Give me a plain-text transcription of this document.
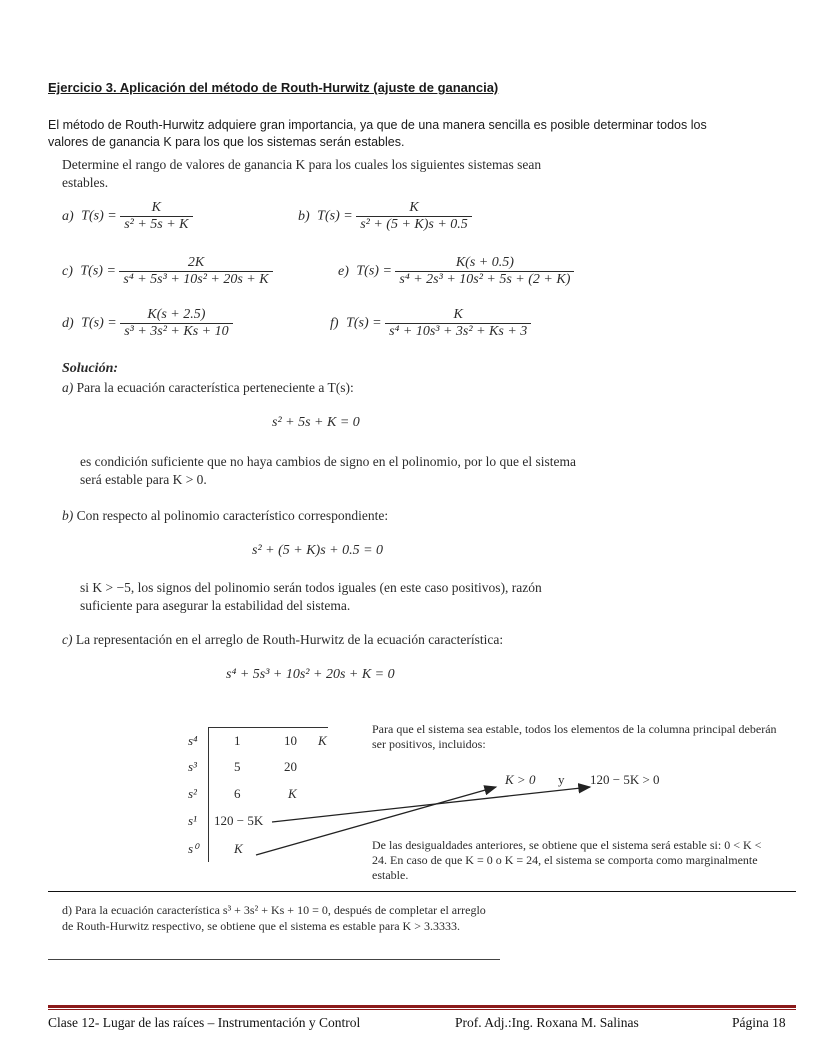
Ejercicio 3. Aplicación del método de Routh-Hurwitz (ajuste de ganancia)
El método de Routh-Hurwitz adquiere gran importancia, ya que de una manera sencilla es posible determinar todos los valores de ganancia K para los que los sistemas serán estables.
Determine el rango de valores de ganancia K para los cuales los siguientes sistemas sean estables.
a) $T(s) = \frac{K}{\text{s² + 5s + K}}$	b) $T(s) = \frac{K}{\text{s² + (5 + K)s + 0.5}}$
c) $T(s) = \frac{2K}{\text{s⁴ + 5s³ + 10s² + 20s + K}}$	e) $T(s) = \frac{K(s + 0.5)}{\text{s⁴ + 2s³ + 10s² + 5s + (2 + K)}}$
d) $T(s) = \frac{K(s + 2.5)}{\text{s³ + 3s² + Ks + 10}}$	f) $T(s) = \frac{K}{\text{s⁴ + 10s³ + 3s² + Ks + 3}}$
Solución:
a) Para la ecuación característica perteneciente a T(s):
s² + 5s + K = 0
es condición suficiente que no haya cambios de signo en el polinomio, por lo que el sistema será estable para K > 0.
b) Con respecto al polinomio característico correspondiente:
s² + (5 + K)s + 0.5 = 0
si K > −5, los signos del polinomio serán todos iguales (en este caso positivos), razón suficiente para asegurar la estabilidad del sistema.
c) La representación en el arreglo de Routh-Hurwitz de la ecuación característica:
s⁴ + 5s³ + 10s² + 20s + K = 0
s⁴	1	10 K
s³	5	20
s²	6	K
s¹ 120 − 5K
s⁰	K
Para que el sistema sea estable, todos los elementos de la columna principal deberán ser positivos, incluidos:
K > 0 y 120 − 5K > 0
De las desigualdades anteriores, se obtiene que el sistema será estable si: 0 < K < 24. En caso de que K = 0 o K = 24, el sistema se comporta como marginalmente estable.
d) Para la ecuación característica s³ + 3s² + Ks + 10 = 0, después de completar el arreglo de Routh-Hurwitz respectivo, se obtiene que el sistema es estable para K > 3.3333.
Clase 12- Lugar de las raíces – Instrumentación y Control	Prof. Adj.:Ing. Roxana M. Salinas	Página 18
